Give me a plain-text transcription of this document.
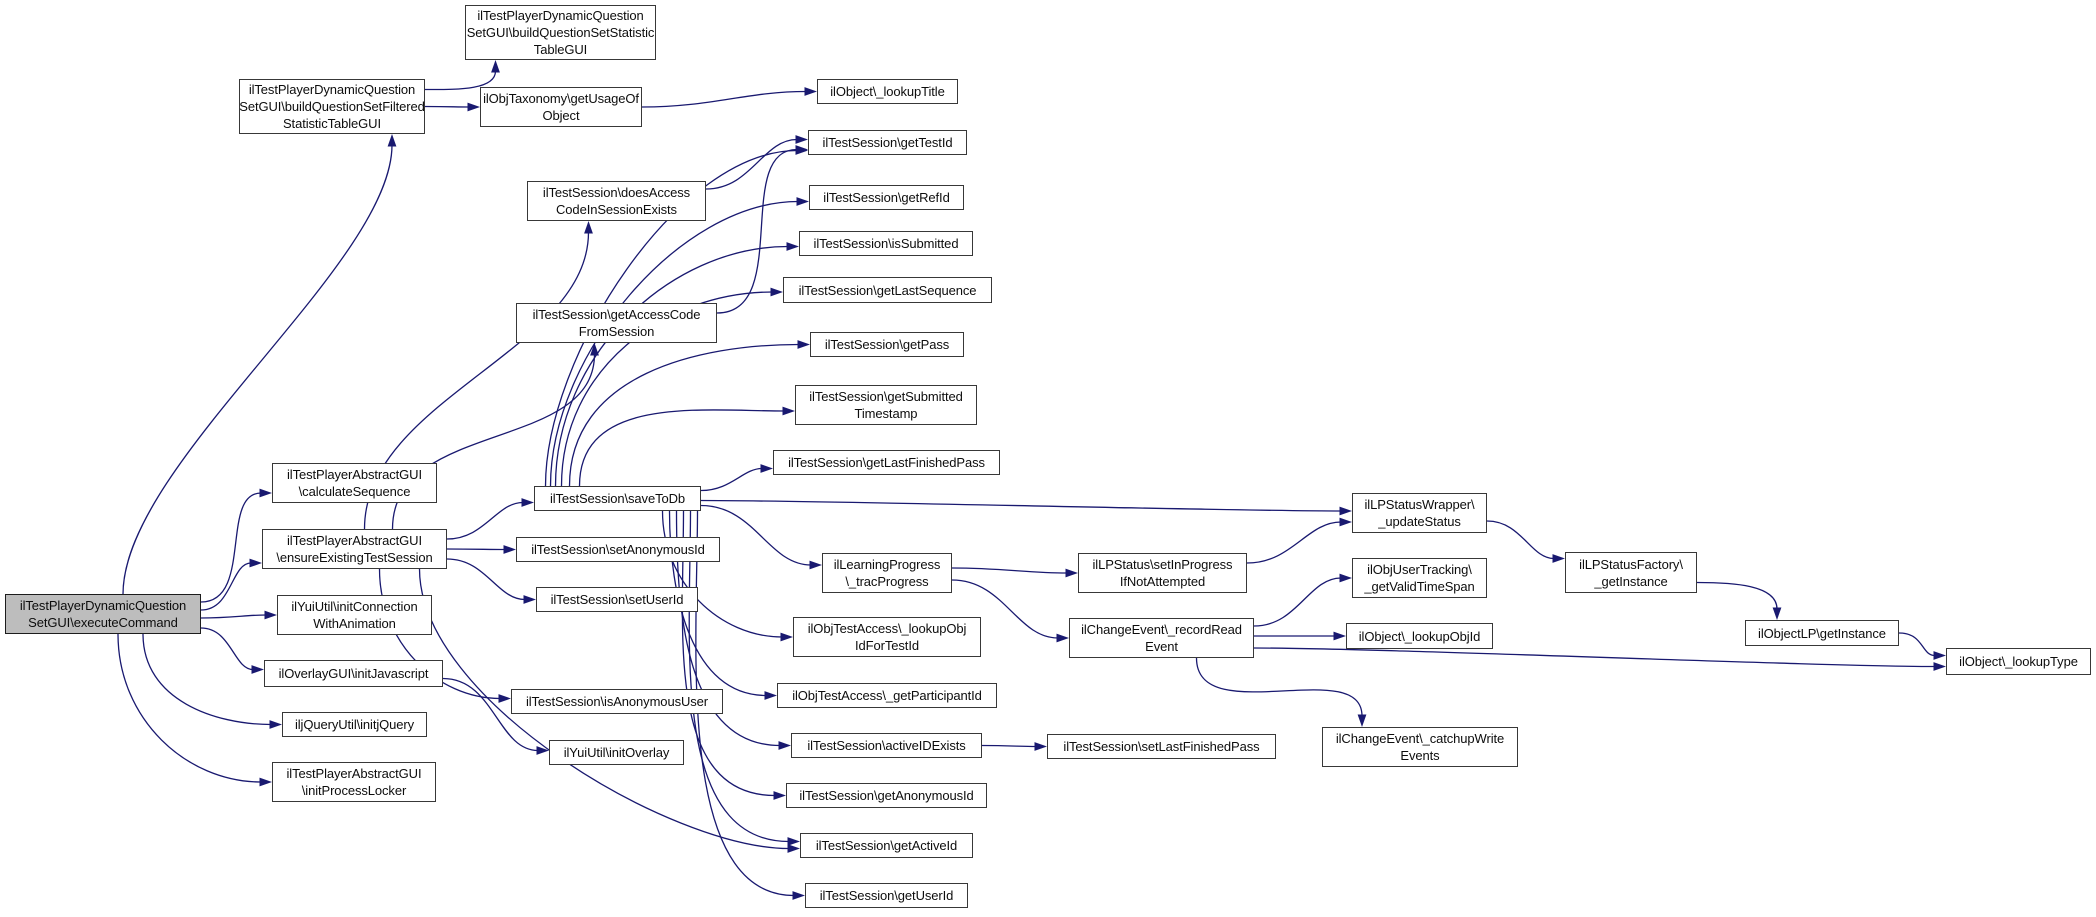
ilTestPlayerDynamicQuestion
SetGUI\executeCommand
ilTestPlayerDynamicQuestion
SetGUI\buildQuestionSetFiltered
StatisticTableGUI
ilTestPlayerDynamicQuestion
SetGUI\buildQuestionSetStatistic
TableGUI
ilObjTaxonomy\getUsageOf
Object
ilObject\_lookupTitle
ilTestSession\doesAccess
CodeInSessionExists
ilTestSession\getTestId
ilTestSession\getRefId
ilTestSession\isSubmitted
ilTestSession\getLastSequence
ilTestSession\getAccessCode
FromSession
ilTestSession\getPass
ilTestSession\getSubmitted
Timestamp
ilTestSession\getLastFinishedPass
ilTestSession\saveToDb
ilTestPlayerAbstractGUI
\calculateSequence
ilTestPlayerAbstractGUI
\ensureExistingTestSession
ilYuiUtil\initConnection
WithAnimation
ilOverlayGUI\initJavascript
iljQueryUtil\initjQuery
ilTestPlayerAbstractGUI
\initProcessLocker
ilTestSession\setAnonymousId
ilTestSession\setUserId
ilTestSession\isAnonymousUser
ilYuiUtil\initOverlay
ilLearningProgress
\_tracProgress
ilObjTestAccess\_lookupObj
IdForTestId
ilObjTestAccess\_getParticipantId
ilTestSession\activeIDExists
ilTestSession\getAnonymousId
ilTestSession\getActiveId
ilTestSession\getUserId
ilLPStatus\setInProgress
IfNotAttempted
ilChangeEvent\_recordRead
Event
ilTestSession\setLastFinishedPass
ilChangeEvent\_catchupWrite
Events
ilLPStatusWrapper\
_updateStatus
ilObjUserTracking\
_getValidTimeSpan
ilObject\_lookupObjId
ilLPStatusFactory\
_getInstance
ilObjectLP\getInstance
ilObject\_lookupType
